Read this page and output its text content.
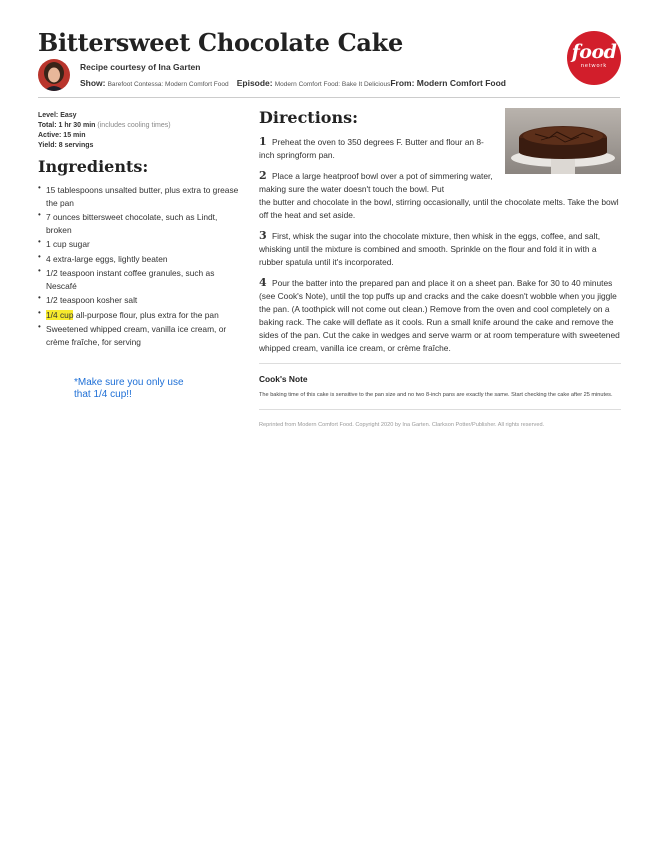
Bittersweet Chocolate Cake	food
network
Recipe courtesy of Ina Garten
Show: Barefoot Contessa: Modern Comfort Food Episode: Modern Comfort Food: Bake It DeliciousFrom: Modern Comfort Food
Level: Easy
Total: 1 hr 30 min (includes cooling times)
Active: 15 min
Yield: 8 servings
Ingredients:
• 15 tablespoons unsalted butter, plus extra to grease the pan
• 7 ounces bittersweet chocolate, such as Lindt, broken
• 1 cup sugar
• 4 extra-large eggs, lightly beaten
• 1/2 teaspoon instant coffee granules, such as Nescafé
• 1/2 teaspoon kosher salt
• 1/4 cup all-purpose flour, plus extra for the pan
• Sweetened whipped cream, vanilla ice cream, or crème fraîche, for serving
*Make sure you only use
that 1/4 cup!!
Directions:
1 Preheat the oven to 350 degrees F. Butter and flour an 8-inch springform pan.
2 Place a large heatproof bowl over a pot of simmering water, making sure the water doesn't touch the bowl. Put
the butter and chocolate in the bowl, stirring occasionally, until the chocolate melts. Take the bowl off the heat and set aside.
3 First, whisk the sugar into the chocolate mixture, then whisk in the eggs, coffee, and salt, whisking until the mixture is combined and smooth. Sprinkle on the flour and fold it in with a rubber spatula until it's incorporated.
4 Pour the batter into the prepared pan and place it on a sheet pan. Bake for 30 to 40 minutes (see Cook's Note), until the top puffs up and cracks and the cake doesn't wobble when you jiggle the pan. (A toothpick will not come out clean.) Remove from the oven and cool completely on a baking rack. The cake will deflate as it cools. Run a small knife around the cake and remove the sides of the pan. Cut the cake in wedges and serve warm or at room temperature with sweetened whipped cream, vanilla ice cream, or crème fraîche.
Cook's Note
The baking time of this cake is sensitive to the pan size and no two 8-inch pans are exactly the same. Start checking the cake after 25 minutes.
Reprinted from Modern Comfort Food. Copyright 2020 by Ina Garten. Clarkson Potter/Publisher. All rights reserved.
